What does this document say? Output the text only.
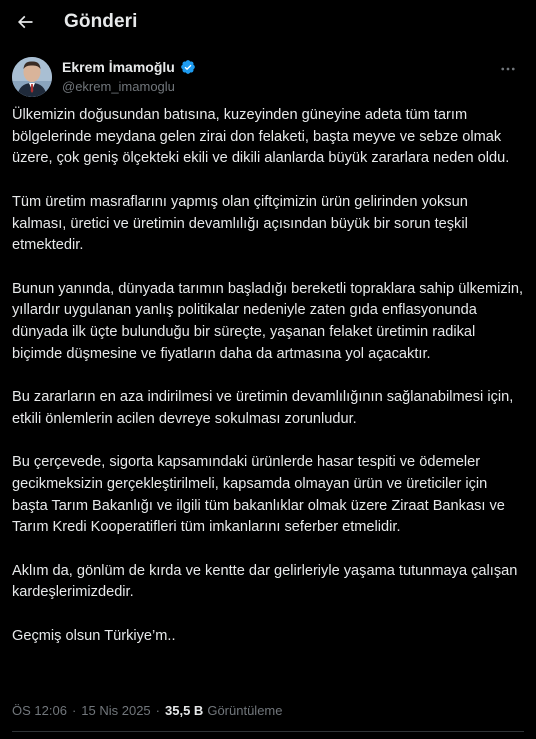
Gönderi
Ekrem İmamoğlu
@ekrem_imamoglu

Ülkemizin doğusundan batısına, kuzeyinden güneyine adeta tüm tarım bölgelerinde meydana gelen zirai don felaketi, başta meyve ve sebze olmak üzere, çok geniş ölçekteki ekili ve dikili alanlarda büyük zararlara neden oldu.

Tüm üretim masraflarını yapmış olan çiftçimizin ürün gelirinden yoksun kalması, üretici ve üretimin devamlılığı açısından büyük bir sorun teşkil etmektedir.

Bunun yanında, dünyada tarımın başladığı bereketli topraklara sahip ülkemizin, yıllardır uygulanan yanlış politikalar nedeniyle zaten gıda enflasyonunda dünyada ilk üçte bulunduğu bir süreçte, yaşanan felaket üretimin radikal biçimde düşmesine ve fiyatların daha da artmasına yol açacaktır.

Bu zararların en aza indirilmesi ve üretimin devamlılığının sağlanabilmesi için, etkili önlemlerin acilen devreye sokulması zorunludur.

Bu çerçevede, sigorta kapsamındaki ürünlerde hasar tespiti ve ödemeler gecikmeksizin gerçekleştirilmeli, kapsamda olmayan ürün ve üreticiler için başta Tarım Bakanlığı ve ilgili tüm bakanlıklar olmak üzere Ziraat Bankası ve Tarım Kredi Kooperatifleri tüm imkanlarını seferber etmelidir.

Aklım da, gönlüm de kırda ve kentte dar gelirleriyle yaşama tutunmaya çalışan kardeşlerimizdedir.

Geçmiş olsun Türkiye’m..

ÖS 12:06 · 15 Nis 2025 · 35,5 B Görüntüleme
